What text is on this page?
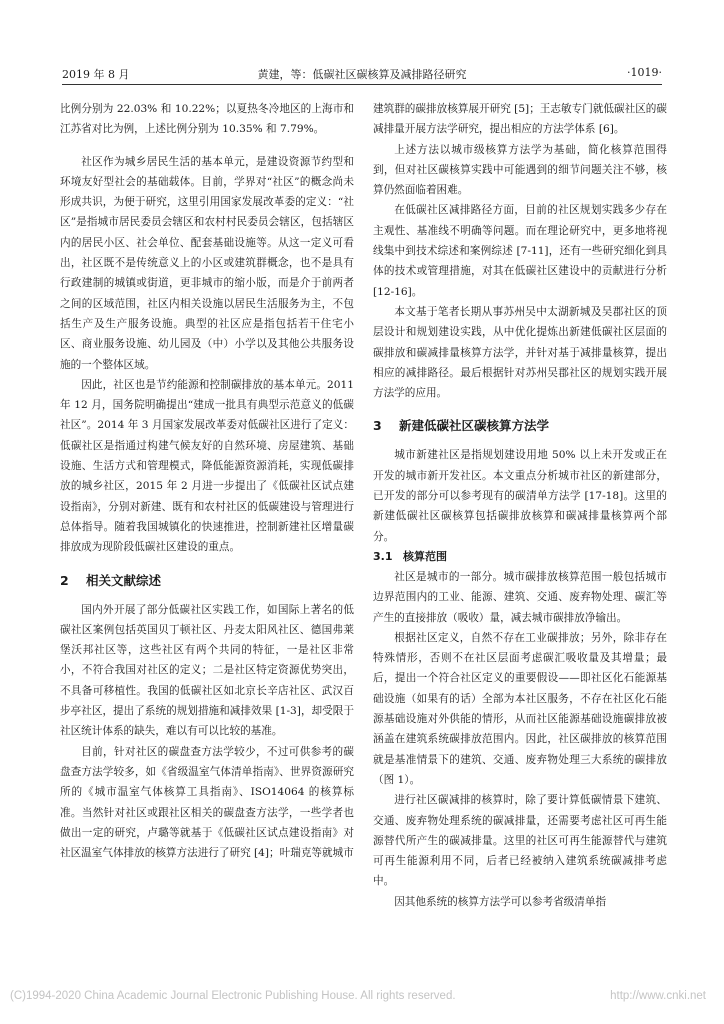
2019 年 8 月	黄建，等：低碳社区碳核算及减排路径研究	·1019·

比例分别为 22.03% 和 10.22%；以夏热冬冷地区的上海市和江苏省对比为例，上述比例分别为 10.35% 和 7.79%。

社区作为城乡居民生活的基本单元，是建设资源节约型和环境友好型社会的基础载体。目前，学界对“社区”的概念尚未形成共识，为便于研究，这里引用国家发展改革委的定义：“社区”是指城市居民委员会辖区和农村村民委员会辖区，包括辖区内的居民小区、社会单位、配套基础设施等。从这一定义可看出，社区既不是传统意义上的小区或建筑群概念，也不是具有行政建制的城镇或街道，更非城市的缩小版，而是介于前两者之间的区域范围，社区内相关设施以居民生活服务为主，不包括生产及生产服务设施。典型的社区应是指包括若干住宅小区、商业服务设施、幼儿园及（中）小学以及其他公共服务设施的一个整体区域。

因此，社区也是节约能源和控制碳排放的基本单元。2011 年 12 月，国务院明确提出“建成一批具有典型示范意义的低碳社区”。2014 年 3 月国家发展改革委对低碳社区进行了定义：低碳社区是指通过构建气候友好的自然环境、房屋建筑、基础设施、生活方式和管理模式，降低能源资源消耗，实现低碳排放的城乡社区，2015 年 2 月进一步提出了《低碳社区试点建设指南》，分别对新建、既有和农村社区的低碳建设与管理进行总体指导。随着我国城镇化的快速推进，控制新建社区增量碳排放成为现阶段低碳社区建设的重点。

2 相关文献综述

国内外开展了部分低碳社区实践工作，如国际上著名的低碳社区案例包括英国贝丁顿社区、丹麦太阳风社区、德国弗莱堡沃邦社区等，这些社区有两个共同的特征，一是社区非常小，不符合我国对社区的定义；二是社区特定资源优势突出，不具备可移植性。我国的低碳社区如北京长辛店社区、武汉百步亭社区，提出了系统的规划措施和减排效果 [1-3]，却受限于社区统计体系的缺失，难以有可以比较的基准。

目前，针对社区的碳盘查方法学较少，不过可供参考的碳盘查方法学较多，如《省级温室气体清单指南》、世界资源研究所的《城市温室气体核算工具指南》、ISO14064 的核算标准。当然针对社区或跟社区相关的碳盘查方法学，一些学者也做出一定的研究，卢璐等就基于《低碳社区试点建设指南》对社区温室气体排放的核算方法进行了研究 [4]；叶瑞克等就城市

建筑群的碳排放核算展开研究 [5]；王志敏专门就低碳社区的碳减排量开展方法学研究，提出相应的方法学体系 [6]。

上述方法以城市级核算方法学为基础，简化核算范围得到，但对社区碳核算实践中可能遇到的细节问题关注不够，核算仍然面临着困难。

在低碳社区减排路径方面，目前的社区规划实践多少存在主观性、基准线不明确等问题。而在理论研究中，更多地将视线集中到技术综述和案例综述 [7-11]，还有一些研究细化到具体的技术或管理措施，对其在低碳社区建设中的贡献进行分析 [12-16]。

本文基于笔者长期从事苏州吴中太湖新城及吴郡社区的顶层设计和规划建设实践，从中优化提炼出新建低碳社区层面的碳排放和碳减排量核算方法学，并针对基于减排量核算，提出相应的减排路径。最后根据针对苏州吴郡社区的规划实践开展方法学的应用。

3 新建低碳社区碳核算方法学

城市新建社区是指规划建设用地 50% 以上未开发或正在开发的城市新开发社区。本文重点分析城市社区的新建部分，已开发的部分可以参考现有的碳清单方法学 [17-18]。这里的新建低碳社区碳核算包括碳排放核算和碳减排量核算两个部分。

3.1 核算范围

社区是城市的一部分。城市碳排放核算范围一般包括城市边界范围内的工业、能源、建筑、交通、废弃物处理、碳汇等产生的直接排放（吸收）量，减去城市碳排放净输出。

根据社区定义，自然不存在工业碳排放；另外，除非存在特殊情形，否则不在社区层面考虑碳汇吸收量及其增量；最后，提出一个符合社区定义的重要假设——即社区化石能源基础设施（如果有的话）全部为本社区服务，不存在社区化石能源基础设施对外供能的情形，从而社区能源基础设施碳排放被涵盖在建筑系统碳排放范围内。因此，社区碳排放的核算范围就是基准情景下的建筑、交通、废弃物处理三大系统的碳排放（图 1）。

进行社区碳减排的核算时，除了要计算低碳情景下建筑、交通、废弃物处理系统的碳减排量，还需要考虑社区可再生能源替代所产生的碳减排量。这里的社区可再生能源替代与建筑可再生能源利用不同，后者已经被纳入建筑系统碳减排考虑中。

因其他系统的核算方法学可以参考省级清单指

(C)1994-2020 China Academic Journal Electronic Publishing House. All rights reserved.	http://www.cnki.net
